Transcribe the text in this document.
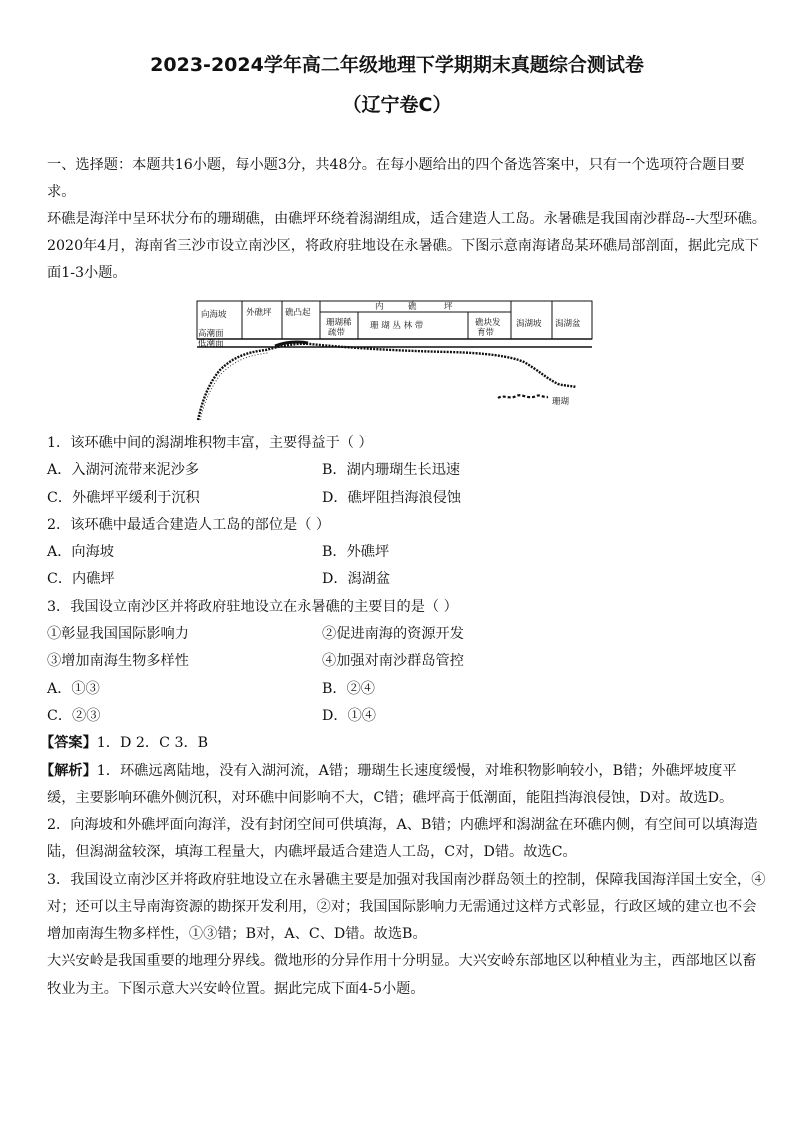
2023-2024学年高二年级地理下学期期末真题综合测试卷
（辽宁卷C）
一、选择题：本题共16小题，每小题3分，共48分。在每小题给出的四个备选答案中，只有一个选项符合题目要
求。
环礁是海洋中呈环状分布的珊瑚礁，由礁坪环绕着潟湖组成，适合建造人工岛。永暑礁是我国南沙群岛--大型环礁。
2020年4月，海南省三沙市设立南沙区，将政府驻地设在永暑礁。下图示意南海诸岛某环礁局部剖面，据此完成下
面1-3小题。
向海坡 外礁坪 礁凸起
内	礁	坪
珊瑚稀
疏带
珊 瑚 丛 林 带	礁块发
育带
潟湖坡 潟湖盆
高潮面
低潮面
珊瑚
1．该环礁中间的潟湖堆积物丰富，主要得益于（ ）
A．入湖河流带来泥沙多	B．湖内珊瑚生长迅速
C．外礁坪平缓利于沉积	D．礁坪阻挡海浪侵蚀
2．该环礁中最适合建造人工岛的部位是（ ）
A．向海坡	B．外礁坪
C．内礁坪	D．潟湖盆
3．我国设立南沙区并将政府驻地设立在永暑礁的主要目的是（ ）
①彰显我国国际影响力	②促进南海的资源开发
③增加南海生物多样性	④加强对南沙群岛管控
A．①③	B．②④
C．②③	D．①④
【答案】1．D 2．C 3．B
【解析】1．环礁远离陆地，没有入湖河流，A错；珊瑚生长速度缓慢，对堆积物影响较小，B错；外礁坪坡度平
缓，主要影响环礁外侧沉积，对环礁中间影响不大，C错；礁坪高于低潮面，能阻挡海浪侵蚀，D对。故选D。
2．向海坡和外礁坪面向海洋，没有封闭空间可供填海，A、B错；内礁坪和潟湖盆在环礁内侧，有空间可以填海造
陆，但潟湖盆较深，填海工程量大，内礁坪最适合建造人工岛，C对，D错。故选C。
3．我国设立南沙区并将政府驻地设立在永暑礁主要是加强对我国南沙群岛领土的控制，保障我国海洋国土安全，④
对；还可以主导南海资源的勘探开发利用，②对；我国国际影响力无需通过这样方式彰显，行政区域的建立也不会
增加南海生物多样性，①③错；B对，A、C、D错。故选B。
大兴安岭是我国重要的地理分界线。微地形的分异作用十分明显。大兴安岭东部地区以种植业为主，西部地区以畜
牧业为主。下图示意大兴安岭位置。据此完成下面4-5小题。
